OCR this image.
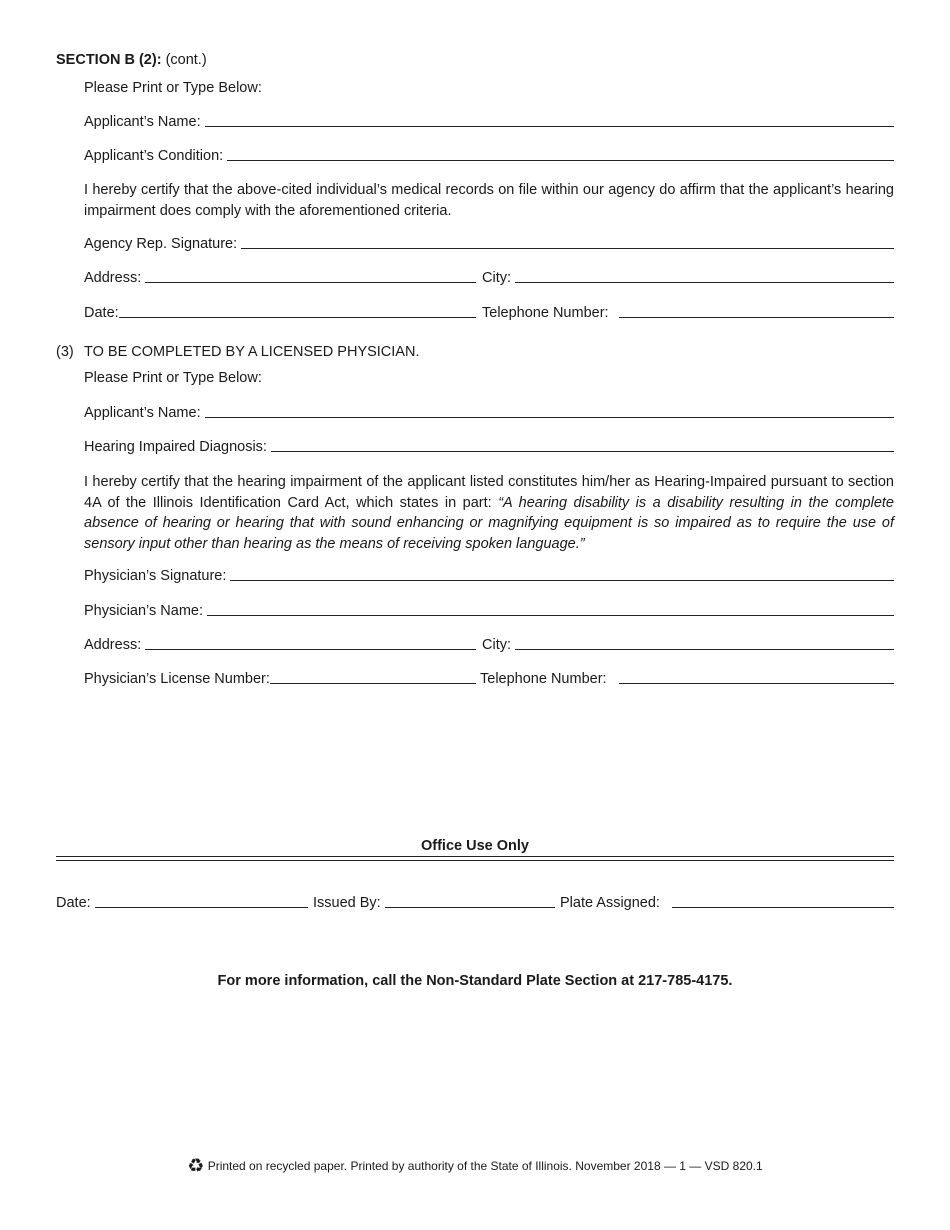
SECTION B (2): (cont.)
Please Print or Type Below:
Applicant’s Name:
Applicant’s Condition:
I hereby certify that the above-cited individual’s medical records on file within our agency do affirm that the applicant’s hearing impairment does comply with the aforementioned criteria.
Agency Rep. Signature:
Address:	City:
Date:	Telephone Number:
(3) TO BE COMPLETED BY A LICENSED PHYSICIAN.
Please Print or Type Below:
Applicant’s Name:
Hearing Impaired Diagnosis:
I hereby certify that the hearing impairment of the applicant listed constitutes him/her as Hearing-Impaired pursuant to section 4A of the Illinois Identification Card Act, which states in part: “A hearing disability is a disability resulting in the complete absence of hearing or hearing that with sound enhancing or magnifying equipment is so impaired as to require the use of sensory input other than hearing as the means of receiving spoken language.”
Physician’s Signature:
Physician’s Name:
Address:	City:
Physician’s License Number:	Telephone Number:
Office Use Only
Date:	Issued By:	Plate Assigned:
For more information, call the Non-Standard Plate Section at 217-785-4175.
♻ Printed on recycled paper. Printed by authority of the State of Illinois. November 2018 — 1 — VSD 820.1
